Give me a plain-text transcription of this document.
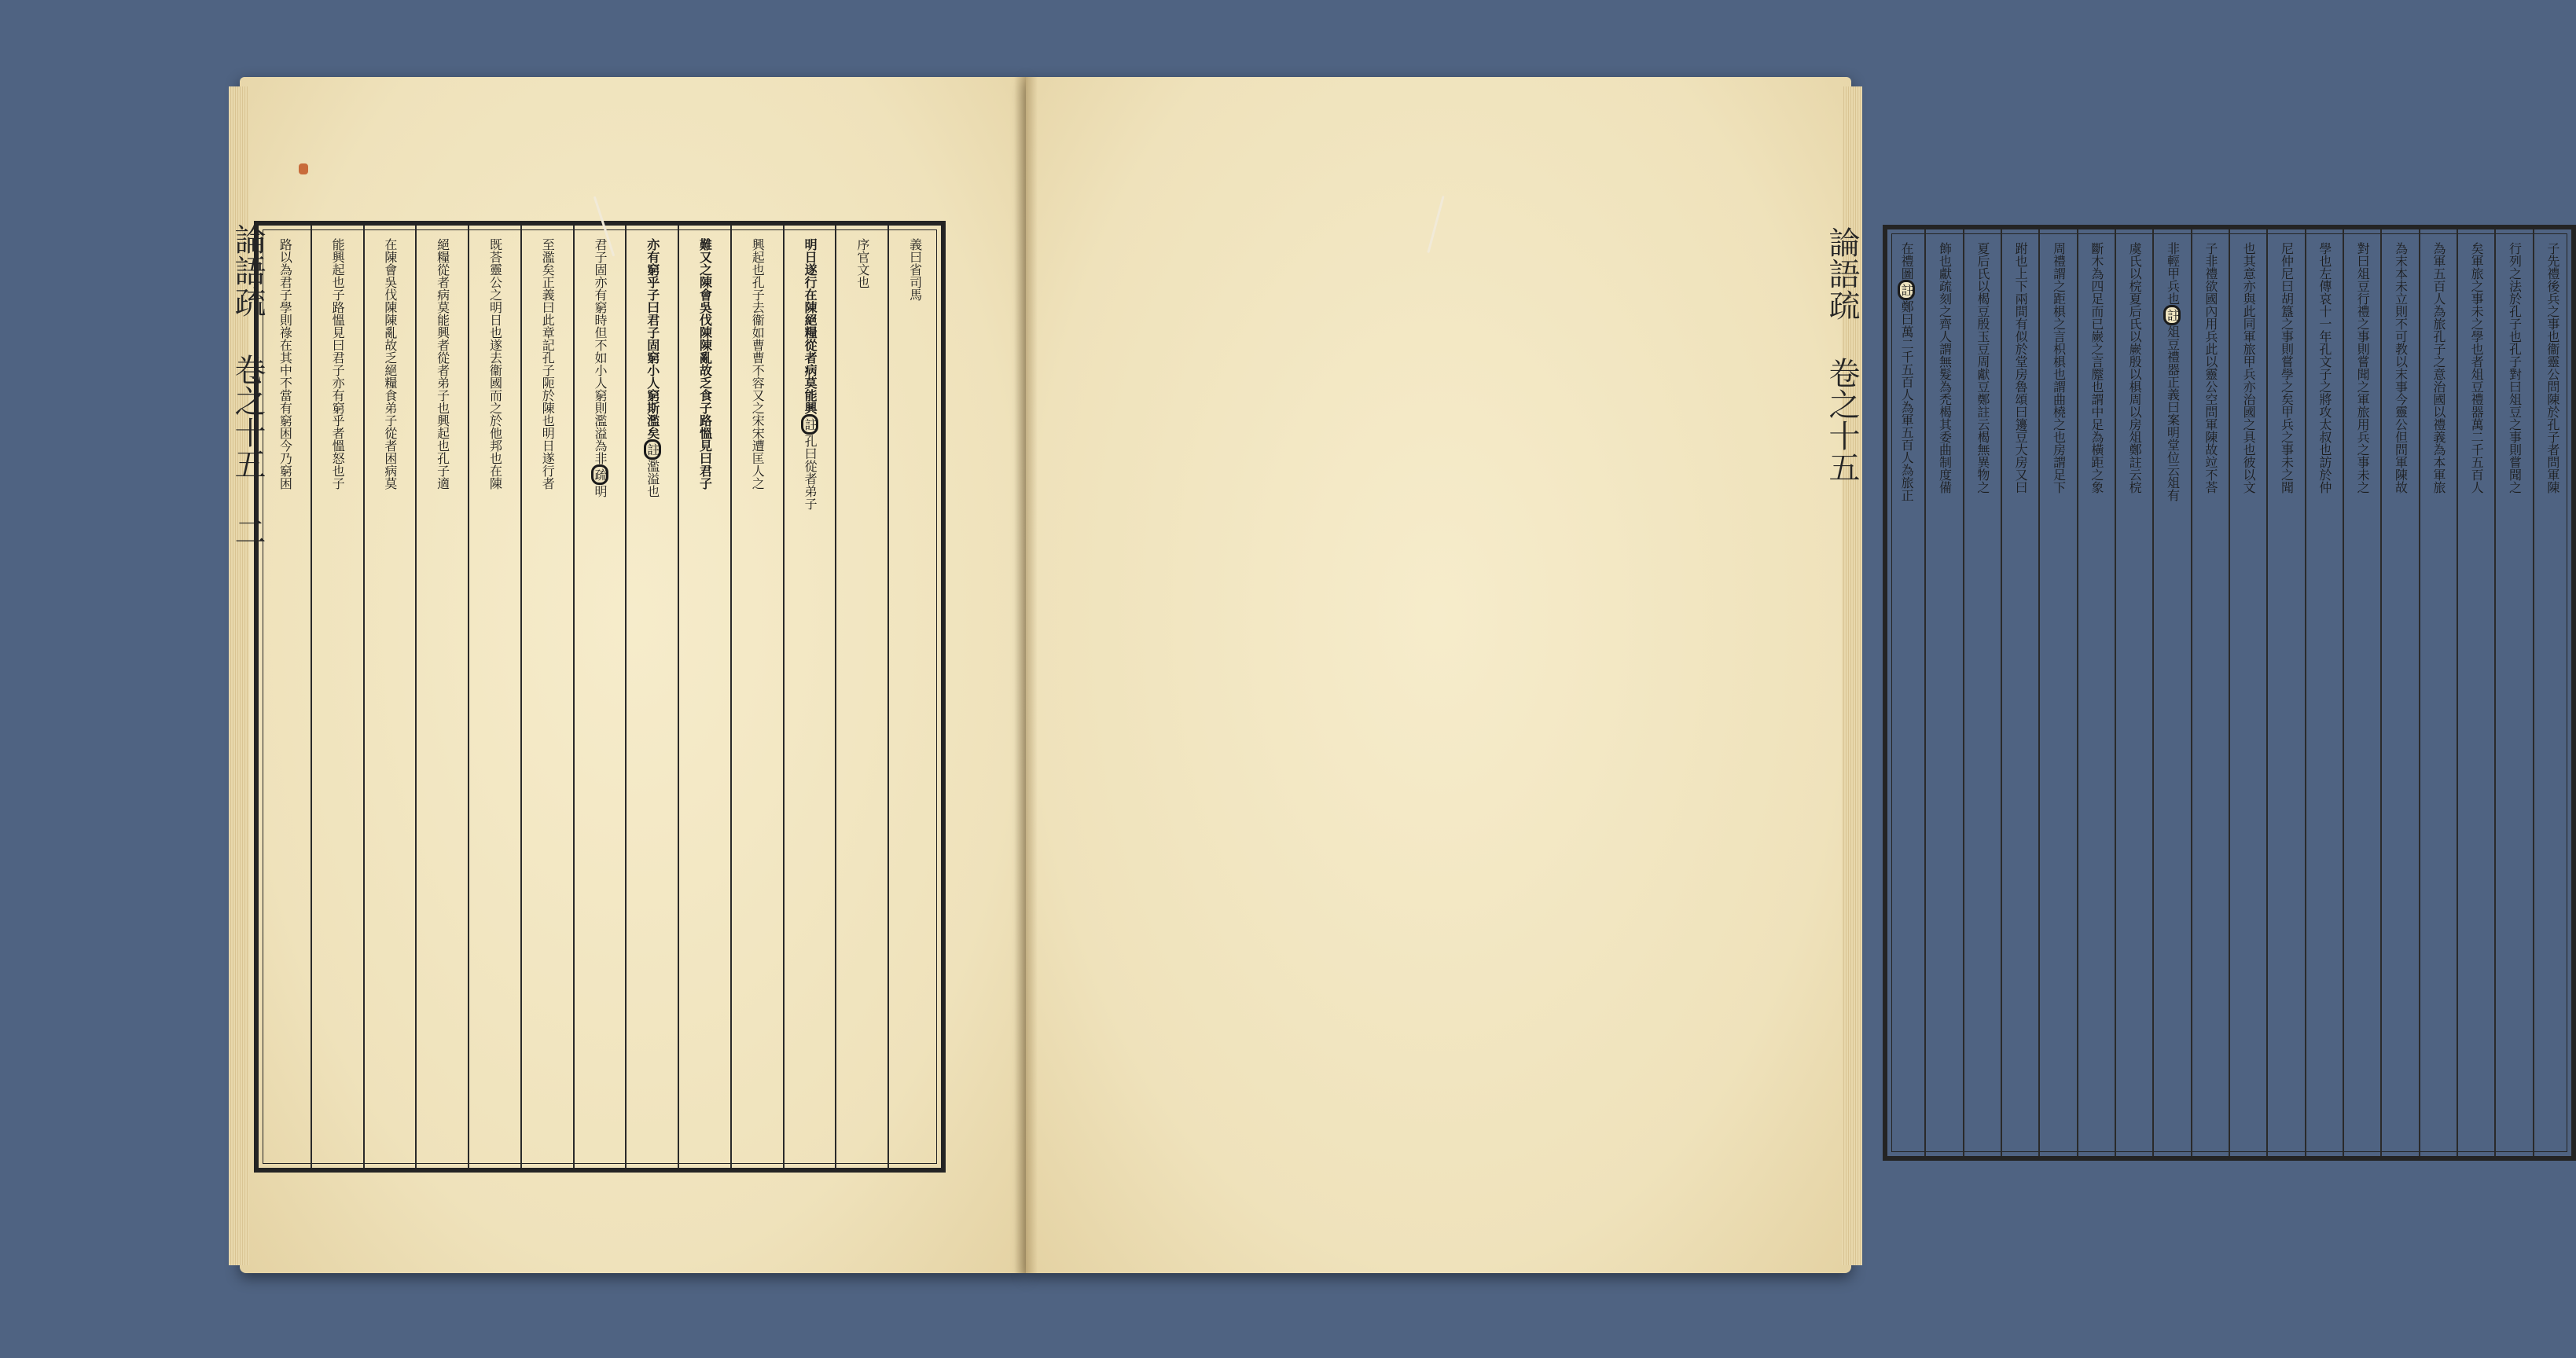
論語疏 卷之十五 二	義曰省司馬
序官文也
明日遂行在陳絕糧從者病莫能興
註
孔曰從者弟子
興起也孔子去衞如曹曹不容又之宋宋遭匡人之
難又之陳會吳伐陳陳亂故乏食子路慍見曰君子
亦有窮乎子曰君子固窮小人窮斯濫矣
註
濫溢也
君子固亦有窮時但不如小人窮則濫溢為非
疏
明
至濫矣正義曰此章記孔子阨於陳也明日遂行者
既荅靈公之明日也遂去衞國而之於他邦也在陳
絕糧從者病莫能興者從者弟子也興起也孔子適
在陳會吳伐陳陳亂故乏絕糧食弟子從者困病莫
能興起也子路慍見曰君子亦有窮乎者慍怒也子
路以為君子學則祿在其中不當有窮困今乃窮困	論語疏 卷之十五	子先禮後兵之事也衞靈公問陳於孔子者問軍陳
行列之法於孔子也孔子對曰俎豆之事則嘗聞之
矣軍旅之事未之學也者俎豆禮器萬二千五百人
為軍五百人為旅孔子之意治國以禮義為本軍旅
為末本未立則不可教以末事今靈公但問軍陳故
對曰俎豆行禮之事則嘗聞之軍旅用兵之事未之
學也左傳哀十一年孔文子之將攻太叔也訪於仲
尼仲尼曰胡簋之事則嘗學之矣甲兵之事未之聞
也其意亦與此同軍旅甲兵亦治國之具也彼以文
子非禮欲國內用兵此以靈公空問軍陳故竝不荅
非輕甲兵也
註
俎豆禮器正義曰案明堂位云俎有
虞氏以梡夏后氏以嶡殷以椇周以房俎鄭註云梡
斷木為四足而已嶡之言蹷也謂中足為橫距之象
周禮謂之距椇之言枳椇也謂曲橈之也房謂足下
跗也上下兩間有似於堂房魯頌曰籩豆大房又曰
夏后氏以楬豆殷玉豆周獻豆鄭註云楬無異物之
飾也獻疏刻之齊人謂無髮為禿楬其委曲制度備
在禮圖
註
鄭曰萬二千五百人為軍五百人為旅正
